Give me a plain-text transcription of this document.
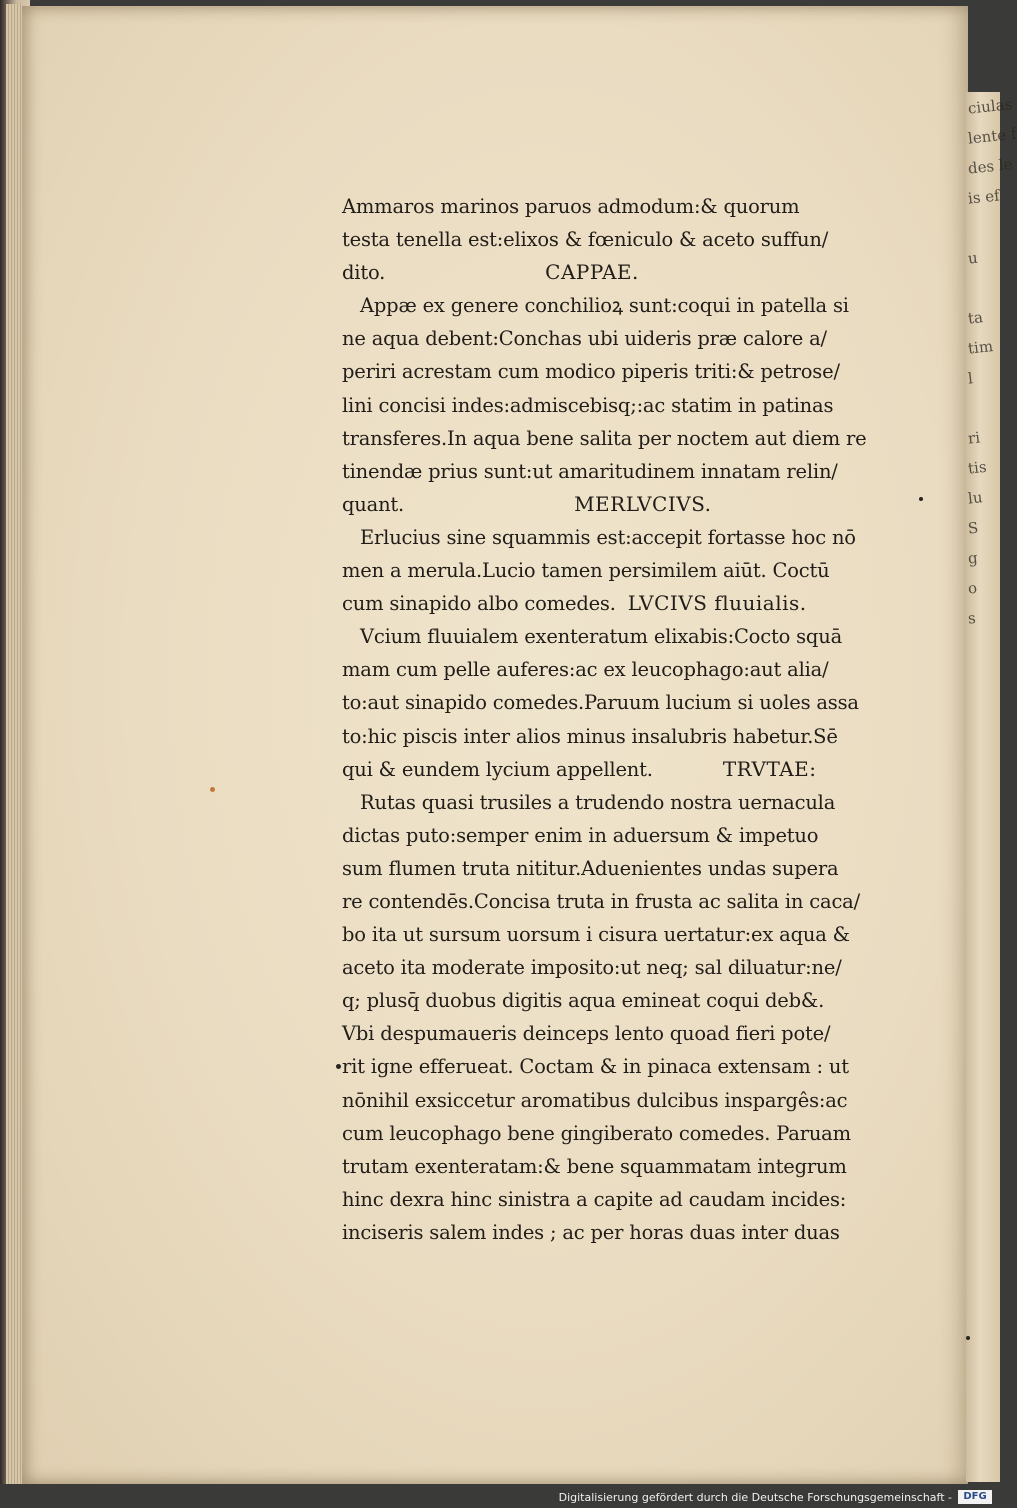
ciulas
lente f
des le
is ef
u
ta
tim
l
ri
tis
lu
S
g
o
s
Ammaros marinos paruos admodum:& quorum
testa tenella est:elixos & fœniculo & aceto suffun/
dito.	CAPPAE.
Appæ ex genere conchilioꝝ sunt:coqui in patella si
ne aqua debent:Conchas ubi uideris præ calore a/
periri acrestam cum modico piperis triti:& petrose/
lini concisi indes:admiscebisq;:ac statim in patinas
transferes.In aqua bene salita per noctem aut diem re
tinendæ prius sunt:ut amaritudinem innatam relin/
quant.	MERLVCIVS.
Erlucius sine squammis est:accepit fortasse hoc nō
men a merula.Lucio tamen persimilem aiūt. Coctū
cum sinapido albo comedes. LVCIVS fluuialis.
Vcium fluuialem exenteratum elixabis:Cocto squā
mam cum pelle auferes:ac ex leucophago:aut alia/
to:aut sinapido comedes.Paruum lucium si uoles assa
to:hic piscis inter alios minus insalubris habetur.Sē
qui & eundem lycium appellent.	TRVTAE:
Rutas quasi trusiles a trudendo nostra uernacula
dictas puto:semper enim in aduersum & impetuo
sum flumen truta nititur.Aduenientes undas supera
re contendēs.Concisa truta in frusta ac salita in caca/
bo ita ut sursum uorsum i cisura uertatur:ex aqua &
aceto ita moderate imposito:ut neq; sal diluatur:ne/
q; plusq̄ duobus digitis aqua emineat coqui deb&.
Vbi despumaueris deinceps lento quoad fieri pote/
rit igne efferueat. Coctam & in pinaca extensam : ut
nōnihil exsiccetur aromatibus dulcibus inspargês:ac
cum leucophago bene gingiberato comedes. Paruam
trutam exenteratam:& bene squammatam integrum
hinc dexra hinc sinistra a capite ad caudam incides:
inciseris salem indes ; ac per horas duas inter duas
Digitalisierung gefördert durch die Deutsche Forschungsgemeinschaft -	DFG
